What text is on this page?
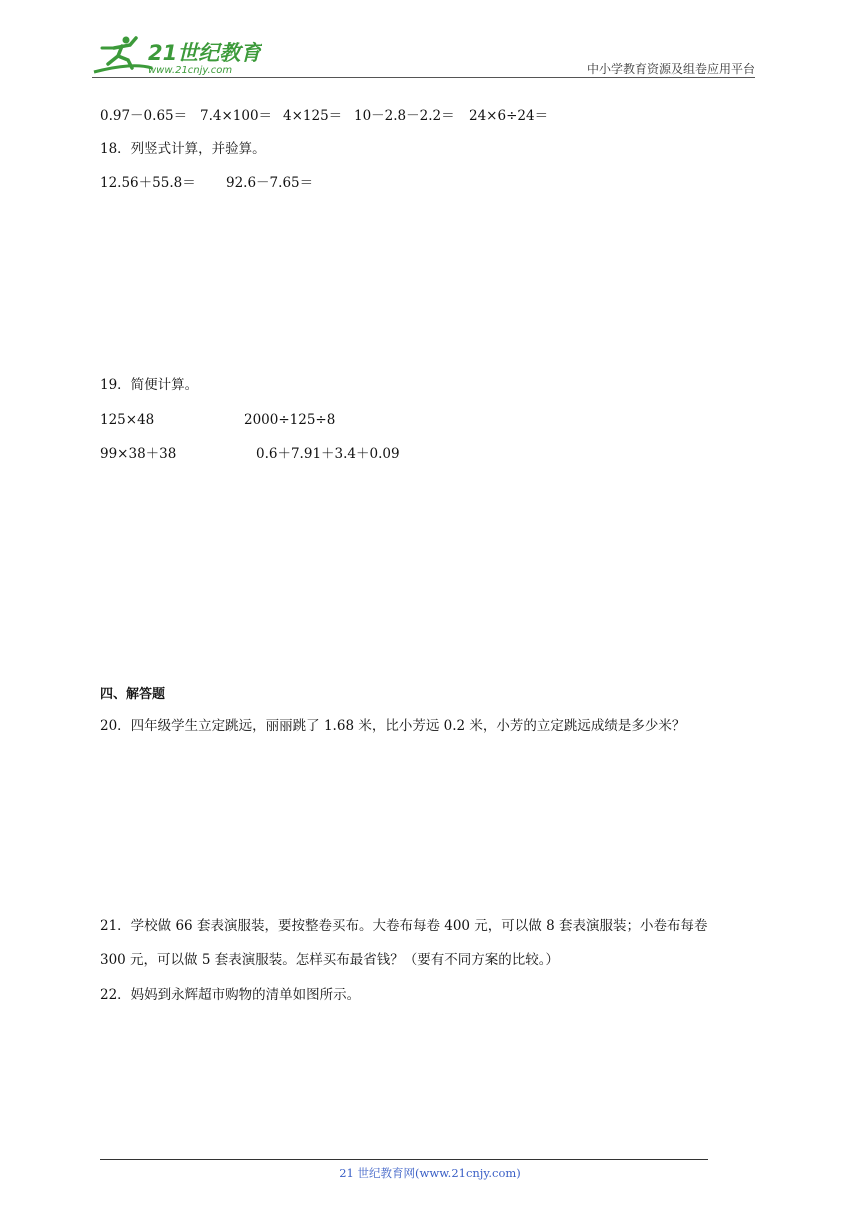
21世纪教育
www.21cnjy.com	中小学教育资源及组卷应用平台
0.97－0.65＝ 7.4×100＝ 4×125＝ 10－2.8－2.2＝ 24×6÷24＝
18．列竖式计算，并验算。
12.56＋55.8＝ 92.6－7.65＝
19．简便计算。
125×48	2000÷125÷8
99×38＋38	0.6＋7.91＋3.4＋0.09
四、解答题
20．四年级学生立定跳远，丽丽跳了 1.68 米，比小芳远 0.2 米，小芳的立定跳远成绩是多少米？
21．学校做 66 套表演服装，要按整卷买布。大卷布每卷 400 元，可以做 8 套表演服装；小卷布每卷
300 元，可以做 5 套表演服装。怎样买布最省钱？（要有不同方案的比较。）
22．妈妈到永辉超市购物的清单如图所示。
21 世纪教育网(www.21cnjy.com)
